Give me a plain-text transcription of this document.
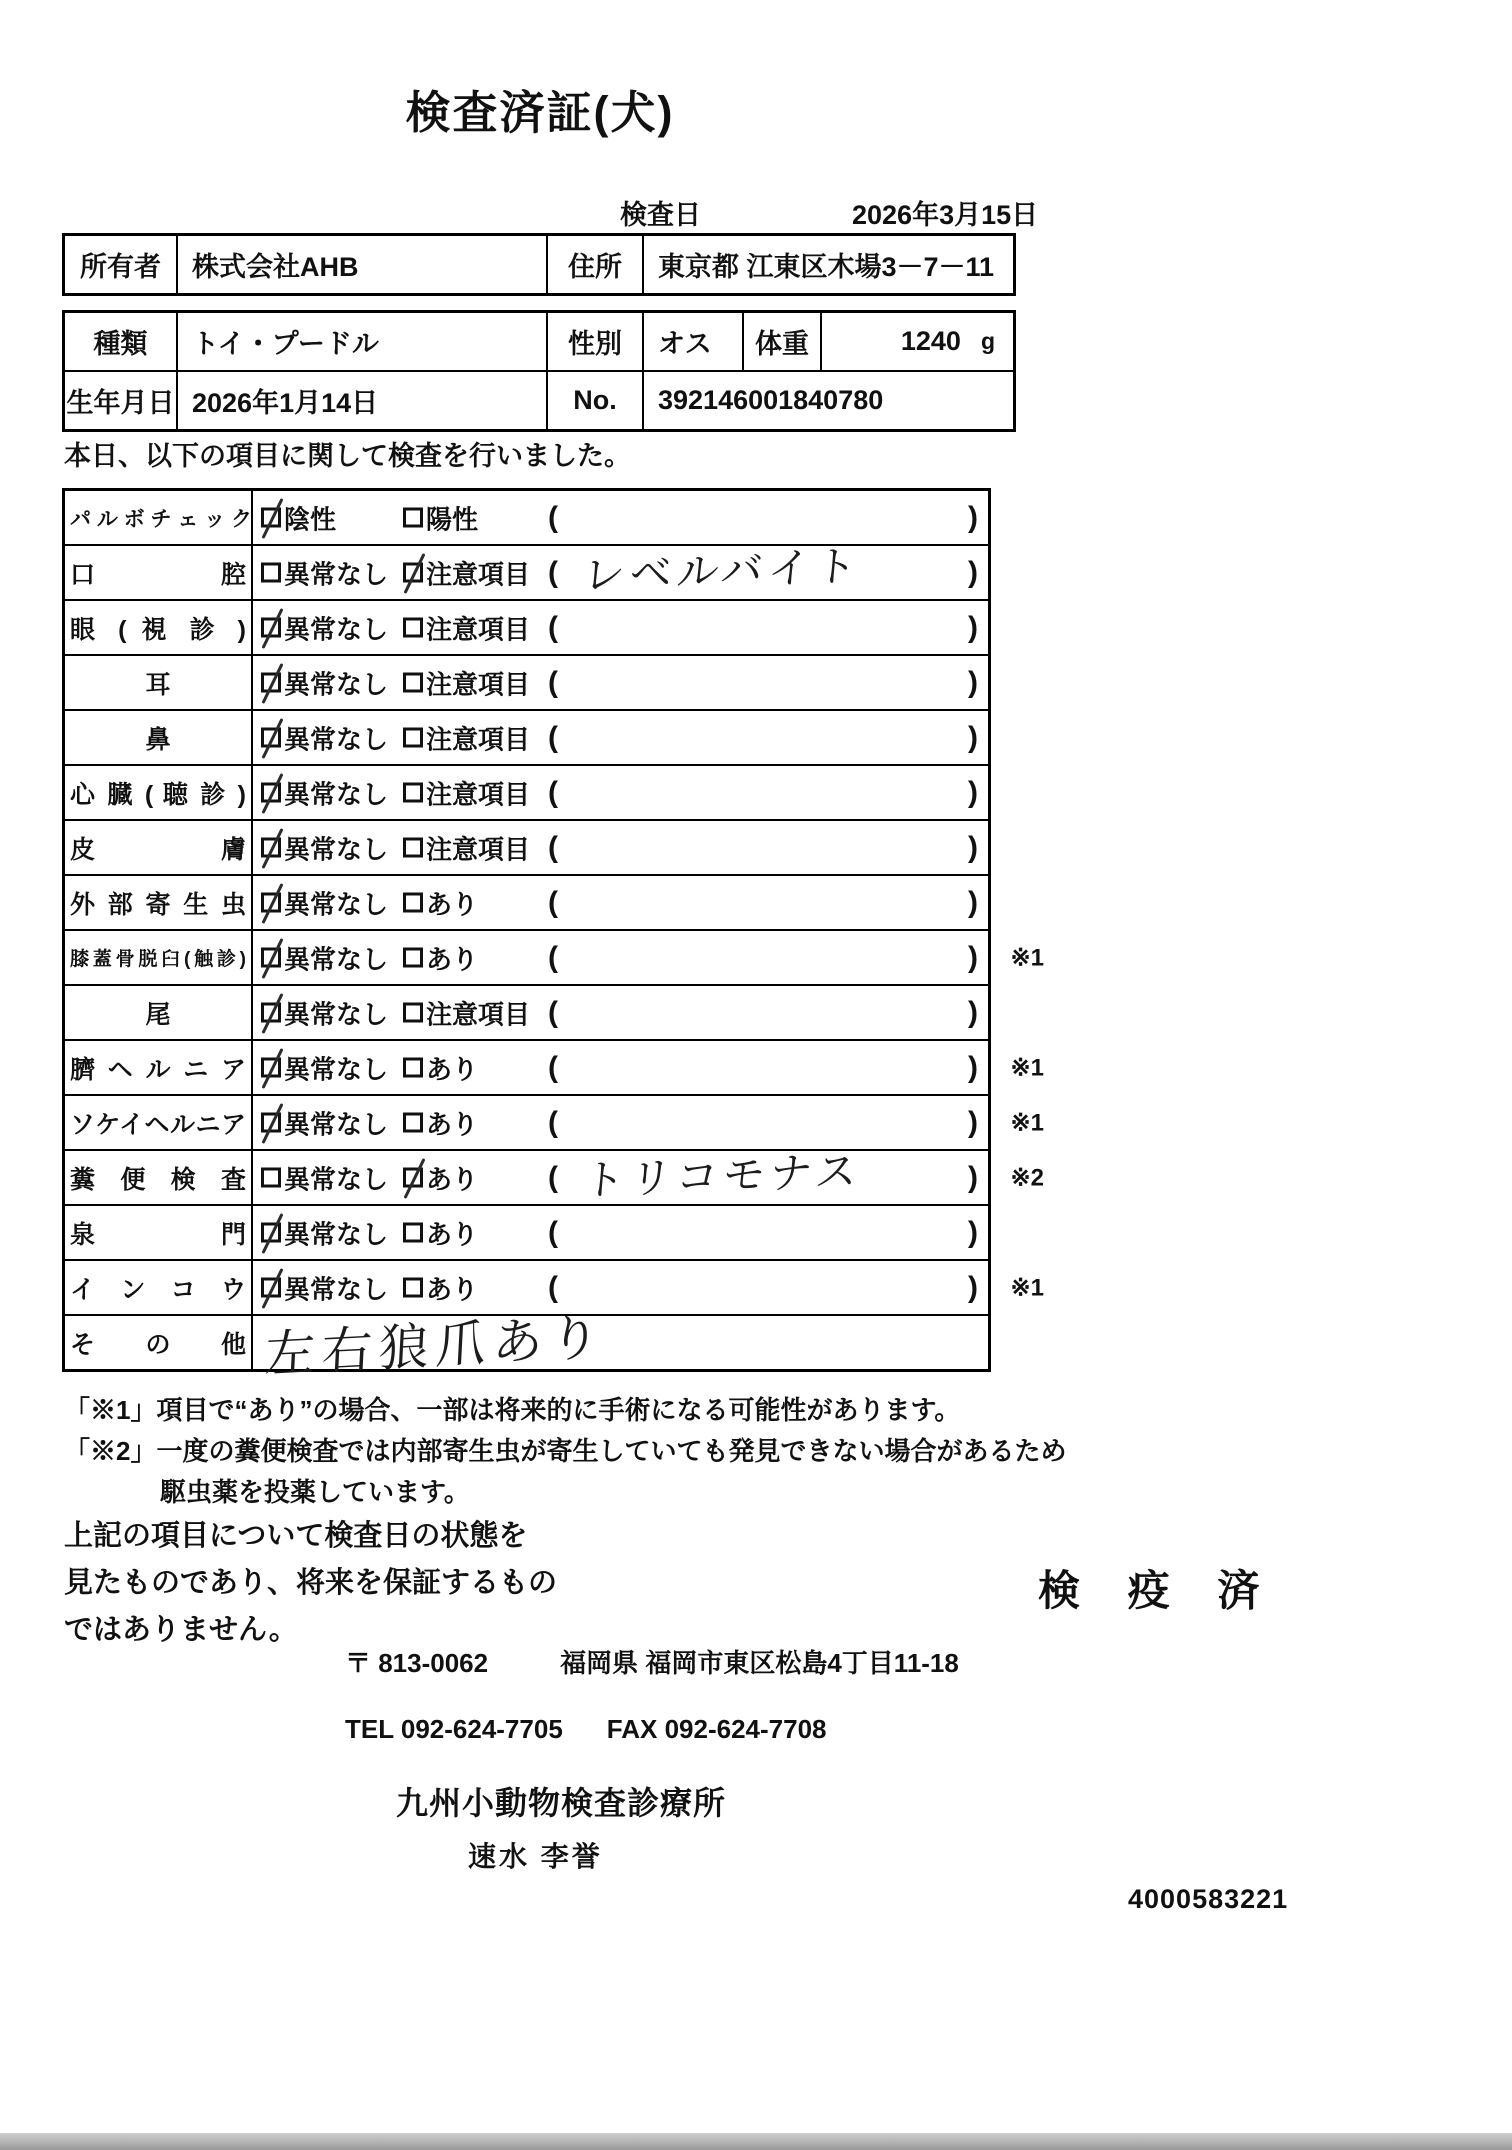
検査済証(犬)
検査日	2026年3月15日
所有者	株式会社AHB	住所	東京都 江東区木場3－7－11
種類	トイ・プードル	性別	オス	体重	1240 g
生年月日 2026年1月14日	No.	392146001840780
本日、以下の項目に関して検査を行いました。
パ ル ボ チ ェ ッ ク 陰性	陽性 (	)
口 腔 異常なし 注意項目 ( レベルバイト	)
眼 ( 視 診 ) 異常なし 注意項目 (	)
耳	異常なし 注意項目 (	)
鼻	異常なし 注意項目 (	)
心 臓 ( 聴 診 ) 異常なし 注意項目 (	)
皮 膚 異常なし 注意項目 (	)
外 部 寄 生 虫 異常なし あり (	)
膝蓋骨脱臼(触診) 異常なし あり (	) ※1
尾	異常なし 注意項目 (	)
臍 ヘ ル ニ ア 異常なし あり (	) ※1
ソケイヘルニア 異常なし あり (	) ※1
糞 便 検 査 異常なし あり ( トリコモナス	) ※2
泉 門 異常なし あり (	)
イ ン コ ウ 異常なし あり (	) ※1
そ の 他 左右狼爪あり
「※1」項目で“あり”の場合、一部は将来的に手術になる可能性があります。
「※2」一度の糞便検査では内部寄生虫が寄生していても発見できない場合があるため
駆虫薬を投薬しています。
上記の項目について検査日の状態を
見たものであり、将来を保証するもの
ではありません。
検 疫 済
〒 813-0062	福岡県 福岡市東区松島4丁目11-18
TEL 092-624-7705 FAX 092-624-7708
九州小動物検査診療所
速水 李誉
4000583221
